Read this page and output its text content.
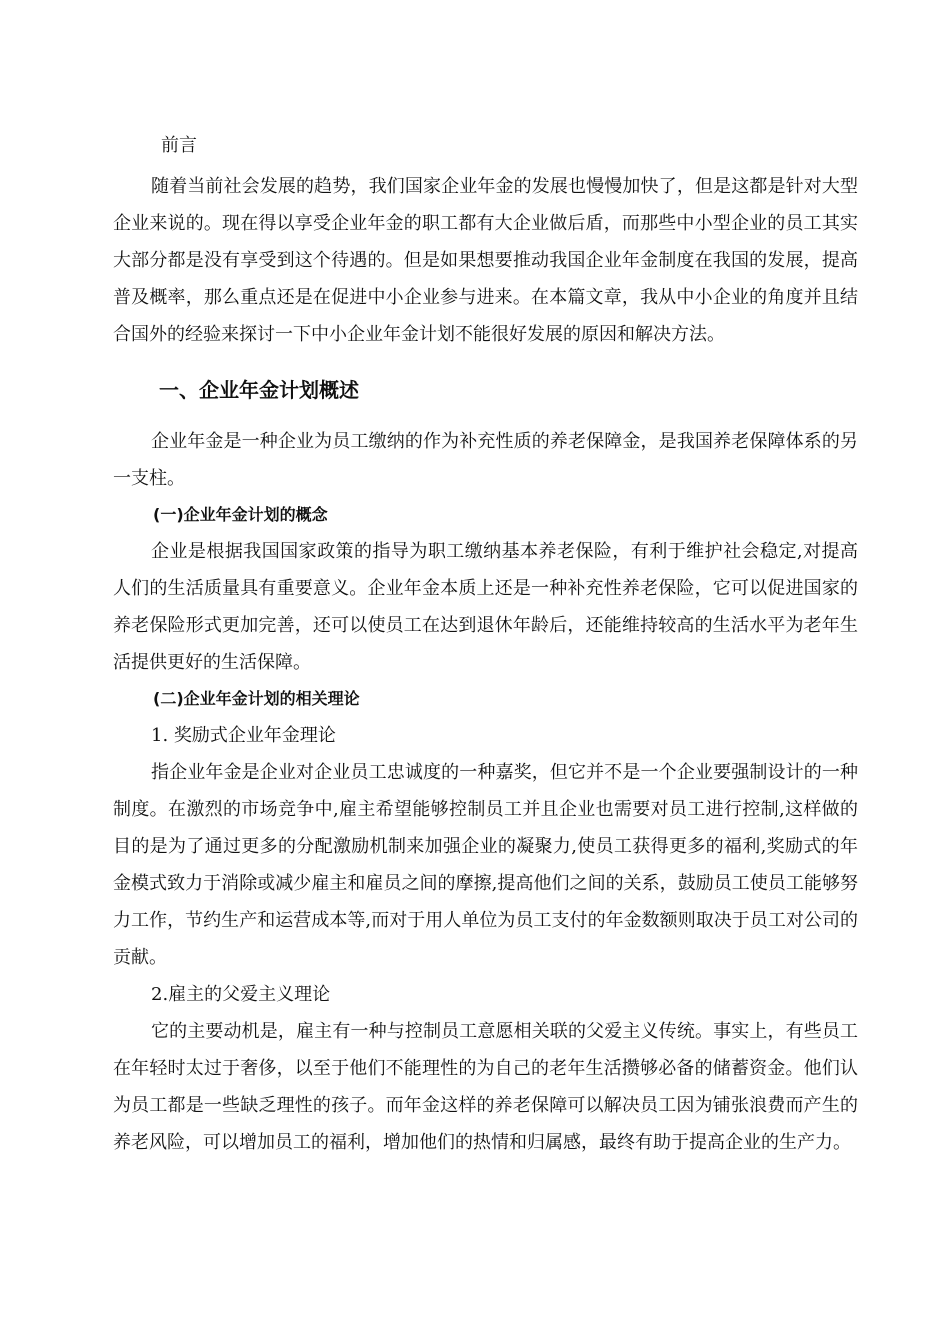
前言

随着当前社会发展的趋势，我们国家企业年金的发展也慢慢加快了，但是这都是针对大型企业来说的。现在得以享受企业年金的职工都有大企业做后盾，而那些中小型企业的员工其实大部分都是没有享受到这个待遇的。但是如果想要推动我国企业年金制度在我国的发展，提高普及概率，那么重点还是在促进中小企业参与进来。在本篇文章，我从中小企业的角度并且结合国外的经验来探讨一下中小企业年金计划不能很好发展的原因和解决方法。

一、企业年金计划概述

企业年金是一种企业为员工缴纳的作为补充性质的养老保障金，是我国养老保障体系的另一支柱。

(一)企业年金计划的概念

企业是根据我国国家政策的指导为职工缴纳基本养老保险，有利于维护社会稳定,对提高人们的生活质量具有重要意义。企业年金本质上还是一种补充性养老保险，它可以促进国家的养老保险形式更加完善，还可以使员工在达到退休年龄后，还能维持较高的生活水平为老年生活提供更好的生活保障。

(二)企业年金计划的相关理论

1. 奖励式企业年金理论

指企业年金是企业对企业员工忠诚度的一种嘉奖，但它并不是一个企业要强制设计的一种制度。在激烈的市场竞争中,雇主希望能够控制员工并且企业也需要对员工进行控制,这样做的目的是为了通过更多的分配激励机制来加强企业的凝聚力,使员工获得更多的福利,奖励式的年金模式致力于消除或减少雇主和雇员之间的摩擦,提高他们之间的关系，鼓励员工使员工能够努力工作，节约生产和运营成本等,而对于用人单位为员工支付的年金数额则取决于员工对公司的贡献。

2.雇主的父爱主义理论

它的主要动机是，雇主有一种与控制员工意愿相关联的父爱主义传统。事实上，有些员工在年轻时太过于奢侈，以至于他们不能理性的为自己的老年生活攒够必备的储蓄资金。他们认为员工都是一些缺乏理性的孩子。而年金这样的养老保障可以解决员工因为铺张浪费而产生的养老风险，可以增加员工的福利，增加他们的热情和归属感，最终有助于提高企业的生产力。
